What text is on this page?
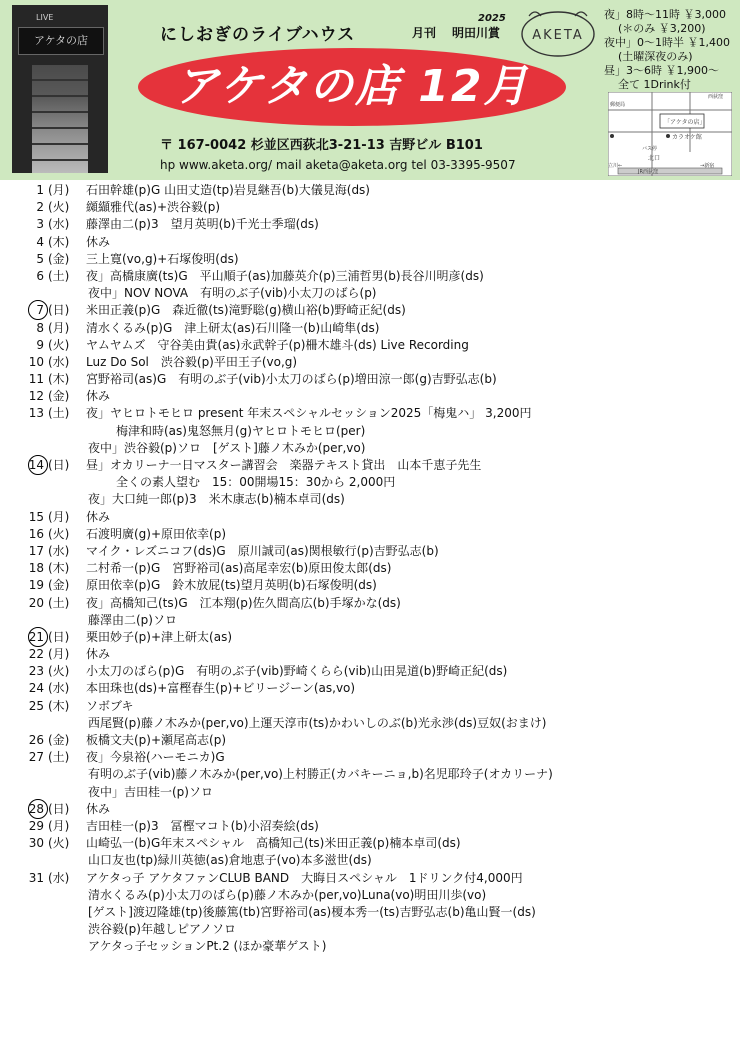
LIVE
アケタの店	にしおぎのライブハウス	月刊
2025
明田川賞 AKETA
アケタの店 12月
〒 167-0042 杉並区西荻北3-21-13 吉野ビル B101
hp www.aketa.org/ mail aketa@aketa.org tel 03-3395-9507
夜」8時～11時 ￥3,000
(＊のみ ￥3,200)
夜中」0～1時半 ￥1,400
(土曜深夜のみ)
昼」3～6時 ￥1,900～
全て 1Drink付
西荻窪
「アケタの店」
郵便局
カラオケ館
バス停
北口
立川←
JR西荻窪
→新宿
1 (月) 石田幹雄(p)G 山田丈造(tp)岩見継吾(b)大儀見海(ds)
2 (火) 纐纈雅代(as)+渋谷毅(p)
3 (水) 藤澤由二(p)3　望月英明(b)千光士季瑠(ds)
4 (木) 休み
5 (金) 三上寛(vo,g)+石塚俊明(ds)
6 (土) 夜」高橋康廣(ts)G　平山順子(as)加藤英介(p)三浦哲男(b)長谷川明彦(ds)
夜中」NOV NOVA　有明のぶ子(vib)小太刀のばら(p)
7 (日) 米田正義(p)G　森近徹(ts)滝野聡(g)横山裕(b)野崎正紀(ds)
8 (月) 清水くるみ(p)G　津上研太(as)石川隆一(b)山崎隼(ds)
9 (火) ヤムヤムズ　守谷美由貴(as)永武幹子(p)柵木雄斗(ds) Live Recording
10 (水) Luz Do Sol　渋谷毅(p)平田王子(vo,g)
11 (木) 宮野裕司(as)G　有明のぶ子(vib)小太刀のばら(p)増田涼一郎(g)吉野弘志(b)
12 (金) 休み
13 (土) 夜」ヤヒロトモヒロ present 年末スペシャルセッション2025「梅鬼ハ」 3,200円
梅津和時(as)鬼怒無月(g)ヤヒロトモヒロ(per)
夜中」渋谷毅(p)ソロ　[ゲスト]藤ノ木みか(per,vo)
14 (日) 昼」オカリーナ一日マスター講習会　楽器テキスト貸出　山本千恵子先生
全くの素人望む　15：00開場15：30から 2,000円
夜」大口純一郎(p)3　米木康志(b)楠本卓司(ds)
15 (月) 休み
16 (火) 石渡明廣(g)+原田依幸(p)
17 (水) マイク・レズニコフ(ds)G　原川誠司(as)関根敏行(p)吉野弘志(b)
18 (木) 二村希一(p)G　宮野裕司(as)高尾幸宏(b)原田俊太郎(ds)
19 (金) 原田依幸(p)G　鈴木放屁(ts)望月英明(b)石塚俊明(ds)
20 (土) 夜」高橋知己(ts)G　江本翔(p)佐久間高広(b)手塚かな(ds)
藤澤由二(p)ソロ
21 (日) 栗田妙子(p)+津上研太(as)
22 (月) 休み
23 (火) 小太刀のばら(p)G　有明のぶ子(vib)野崎くらら(vib)山田晃道(b)野崎正紀(ds)
24 (水) 本田珠也(ds)+富樫春生(p)+ビリージーン(as,vo)
25 (木) ソボブキ
西尾賢(p)藤ノ木みか(per,vo)上運天淳市(ts)かわいしのぶ(b)光永渉(ds)豆奴(おまけ)
26 (金) 板橋文夫(p)+瀬尾高志(p)
27 (土) 夜」今泉裕(ハーモニカ)G
有明のぶ子(vib)藤ノ木みか(per,vo)上村勝正(カバキーニョ,b)名児耶玲子(オカリーナ)
夜中」吉田桂一(p)ソロ
28 (日) 休み
29 (月) 吉田桂一(p)3　冨樫マコト(b)小沼奏絵(ds)
30 (火) 山崎弘一(b)G年末スペシャル　高橋知己(ts)米田正義(p)楠本卓司(ds)
山口友也(tp)緑川英徳(as)倉地恵子(vo)本多滋世(ds)
31 (水) アケタっ子 アケタファンCLUB BAND　大晦日スペシャル　1ドリンク付4,000円
清水くるみ(p)小太刀のばら(p)藤ノ木みか(per,vo)Luna(vo)明田川歩(vo)
[ゲスト]渡辺隆雄(tp)後藤篤(tb)宮野裕司(as)榎本秀一(ts)吉野弘志(b)亀山賢一(ds)
渋谷毅(p)年越しピアノソロ
アケタっ子セッションPt.2 (ほか豪華ゲスト)
